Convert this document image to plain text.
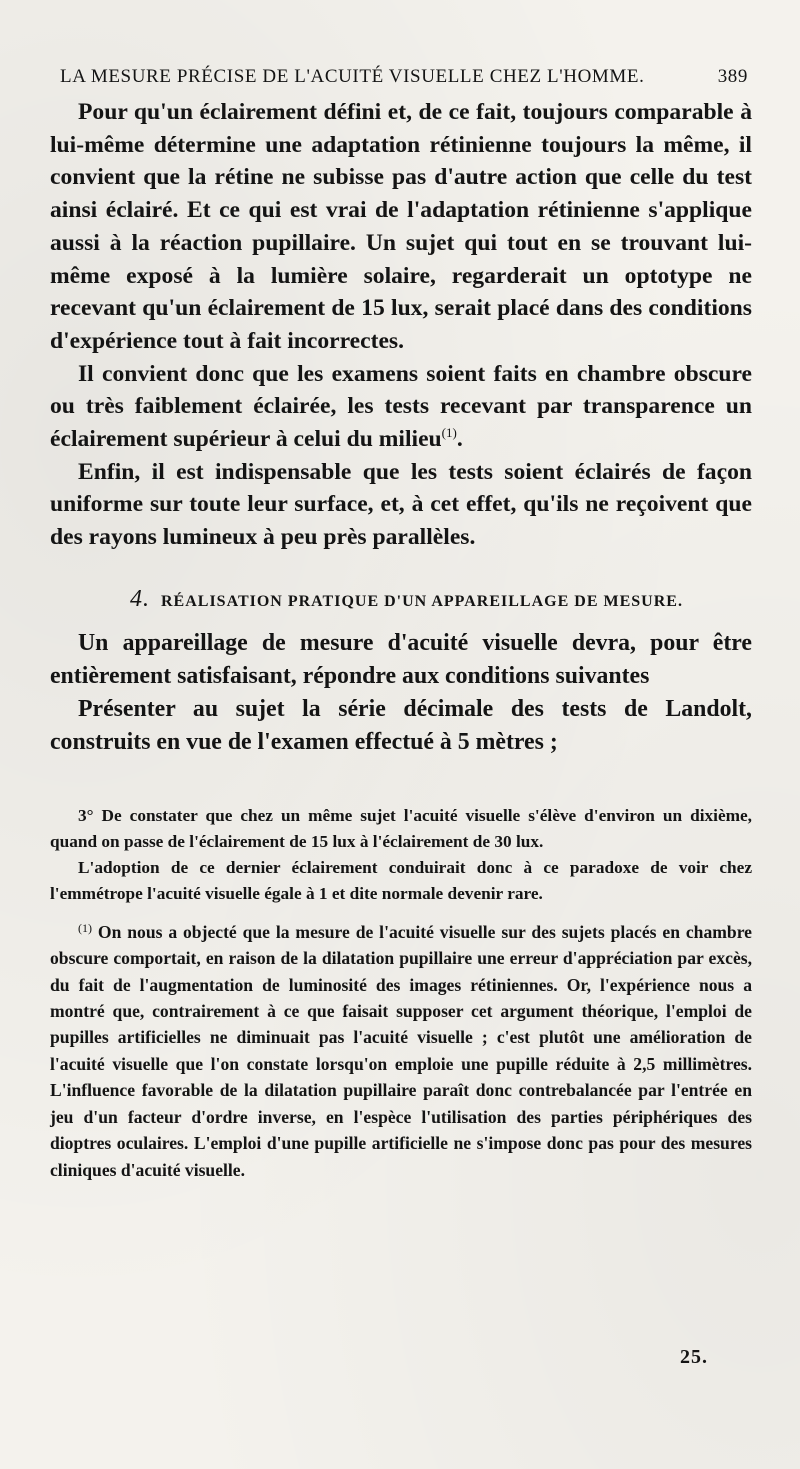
LA MESURE PRÉCISE DE L'ACUITÉ VISUELLE CHEZ L'HOMME.	389

Pour qu'un éclairement défini et, de ce fait, toujours comparable à lui-même détermine une adaptation rétinienne toujours la même, il convient que la rétine ne subisse pas d'autre action que celle du test ainsi éclairé. Et ce qui est vrai de l'adaptation rétinienne s'applique aussi à la réaction pupillaire. Un sujet qui tout en se trouvant lui-même exposé à la lumière solaire, regarderait un optotype ne recevant qu'un éclairement de 15 lux, serait placé dans des conditions d'expérience tout à fait incorrectes.

Il convient donc que les examens soient faits en chambre obscure ou très faiblement éclairée, les tests recevant par transparence un éclairement supérieur à celui du milieu$^{(1)}$.

Enfin, il est indispensable que les tests soient éclairés de façon uniforme sur toute leur surface, et, à cet effet, qu'ils ne reçoivent que des rayons lumineux à peu près parallèles.

4. RÉALISATION PRATIQUE D'UN APPAREILLAGE DE MESURE.

Un appareillage de mesure d'acuité visuelle devra, pour être entièrement satisfaisant, répondre aux conditions suivantes

Présenter au sujet la série décimale des tests de Landolt, construits en vue de l'examen effectué à 5 mètres ;

3° De constater que chez un même sujet l'acuité visuelle s'élève d'environ un dixième, quand on passe de l'éclairement de 15 lux à l'éclairement de 30 lux.

L'adoption de ce dernier éclairement conduirait donc à ce paradoxe de voir chez l'emmétrope l'acuité visuelle égale à 1 et dite normale devenir rare.

$^{(1)}$ On nous a objecté que la mesure de l'acuité visuelle sur des sujets placés en chambre obscure comportait, en raison de la dilatation pupillaire une erreur d'appréciation par excès, du fait de l'augmentation de luminosité des images rétiniennes. Or, l'expérience nous a montré que, contrairement à ce que faisait supposer cet argument théorique, l'emploi de pupilles artificielles ne diminuait pas l'acuité visuelle ; c'est plutôt une amélioration de l'acuité visuelle que l'on constate lorsqu'on emploie une pupille réduite à 2,5 millimètres. L'influence favorable de la dilatation pupillaire paraît donc contrebalancée par l'entrée en jeu d'un facteur d'ordre inverse, en l'espèce l'utilisation des parties périphériques des dioptres oculaires. L'emploi d'une pupille artificielle ne s'impose donc pas pour des mesures cliniques d'acuité visuelle.

25.
